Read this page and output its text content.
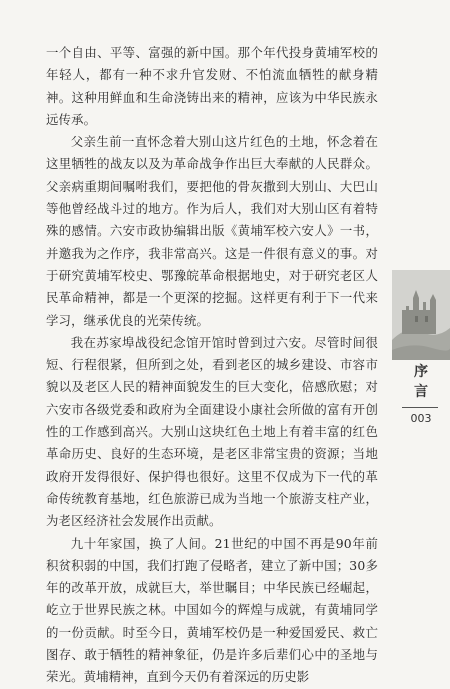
一个自由、平等、富强的新中国。那个年代投身黄埔军校的年轻人，都有一种不求升官发财、不怕流血牺牲的献身精神。这种用鲜血和生命浇铸出来的精神，应该为中华民族永远传承。

父亲生前一直怀念着大别山这片红色的土地，怀念着在这里牺牲的战友以及为革命战争作出巨大奉献的人民群众。父亲病重期间嘱咐我们，要把他的骨灰撒到大别山、大巴山等他曾经战斗过的地方。作为后人，我们对大别山区有着特殊的感情。六安市政协编辑出版《黄埔军校六安人》一书，并邀我为之作序，我非常高兴。这是一件很有意义的事。对于研究黄埔军校史、鄂豫皖革命根据地史，对于研究老区人民革命精神，都是一个更深的挖掘。这样更有利于下一代来学习，继承优良的光荣传统。

我在苏家埠战役纪念馆开馆时曾到过六安。尽管时间很短、行程很紧，但所到之处，看到老区的城乡建设、市容市貌以及老区人民的精神面貌发生的巨大变化，倍感欣慰；对六安市各级党委和政府为全面建设小康社会所做的富有开创性的工作感到高兴。大别山这块红色土地上有着丰富的红色革命历史、良好的生态环境，是老区非常宝贵的资源；当地政府开发得很好、保护得也很好。这里不仅成为下一代的革命传统教育基地，红色旅游已成为当地一个旅游支柱产业，为老区经济社会发展作出贡献。

九十年家国，换了人间。21世纪的中国不再是90年前积贫积弱的中国，我们打跑了侵略者，建立了新中国；30多年的改革开放，成就巨大，举世瞩目；中华民族已经崛起，屹立于世界民族之林。中国如今的辉煌与成就，有黄埔同学的一份贡献。时至今日，黄埔军校仍是一种爱国爱民、救亡图存、敢于牺牲的精神象征，仍是许多后辈们心中的圣地与荣光。黄埔精神，直到今天仍有着深远的历史影

序
言
003
